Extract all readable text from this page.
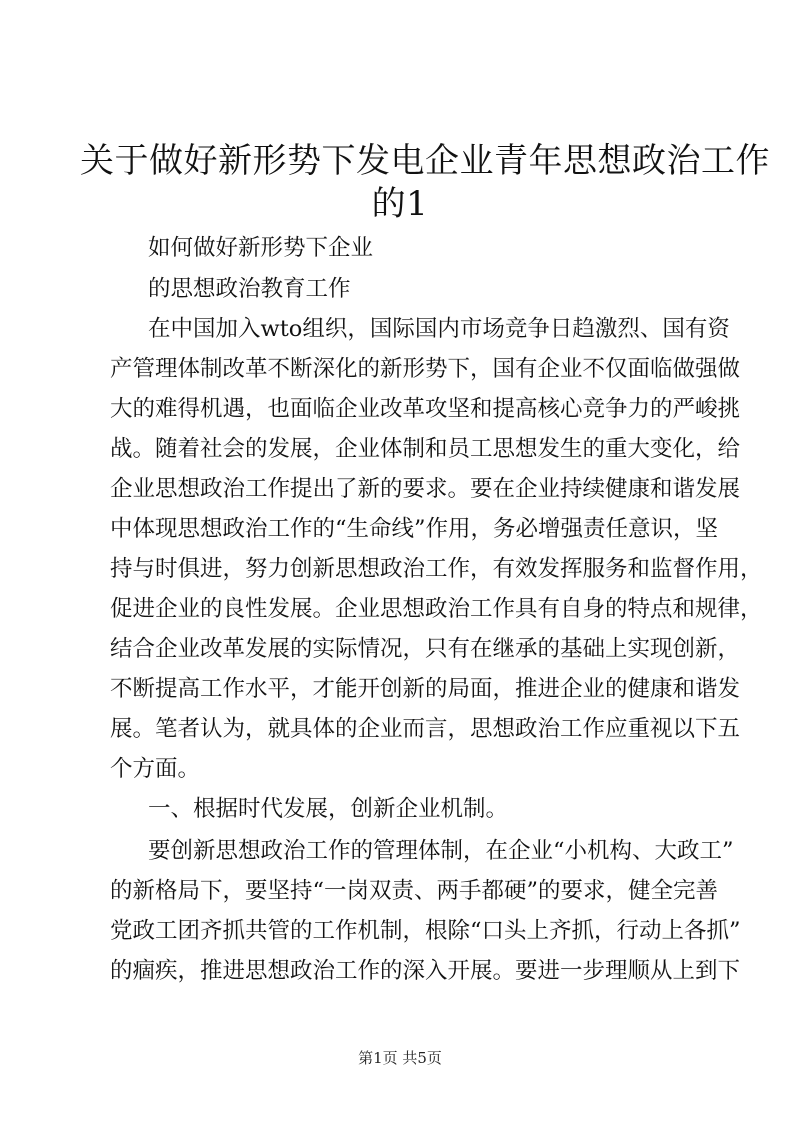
关于做好新形势下发电企业青年思想政治工作
的1
如何做好新形势下企业
的思想政治教育工作
在中国加入wto组织，国际国内市场竞争日趋激烈、国有资
产管理体制改革不断深化的新形势下，国有企业不仅面临做强做
大的难得机遇，也面临企业改革攻坚和提高核心竞争力的严峻挑
战。随着社会的发展，企业体制和员工思想发生的重大变化，给
企业思想政治工作提出了新的要求。要在企业持续健康和谐发展
中体现思想政治工作的“生命线”作用，务必增强责任意识，坚
持与时俱进，努力创新思想政治工作，有效发挥服务和监督作用，
促进企业的良性发展。企业思想政治工作具有自身的特点和规律，
结合企业改革发展的实际情况，只有在继承的基础上实现创新，
不断提高工作水平，才能开创新的局面，推进企业的健康和谐发
展。笔者认为，就具体的企业而言，思想政治工作应重视以下五
个方面。
一、根据时代发展，创新企业机制。
要创新思想政治工作的管理体制，在企业“小机构、大政工”
的新格局下，要坚持“一岗双责、两手都硬”的要求，健全完善
党政工团齐抓共管的工作机制，根除“口头上齐抓，行动上各抓”
的痼疾，推进思想政治工作的深入开展。要进一步理顺从上到下
第1页 共5页
